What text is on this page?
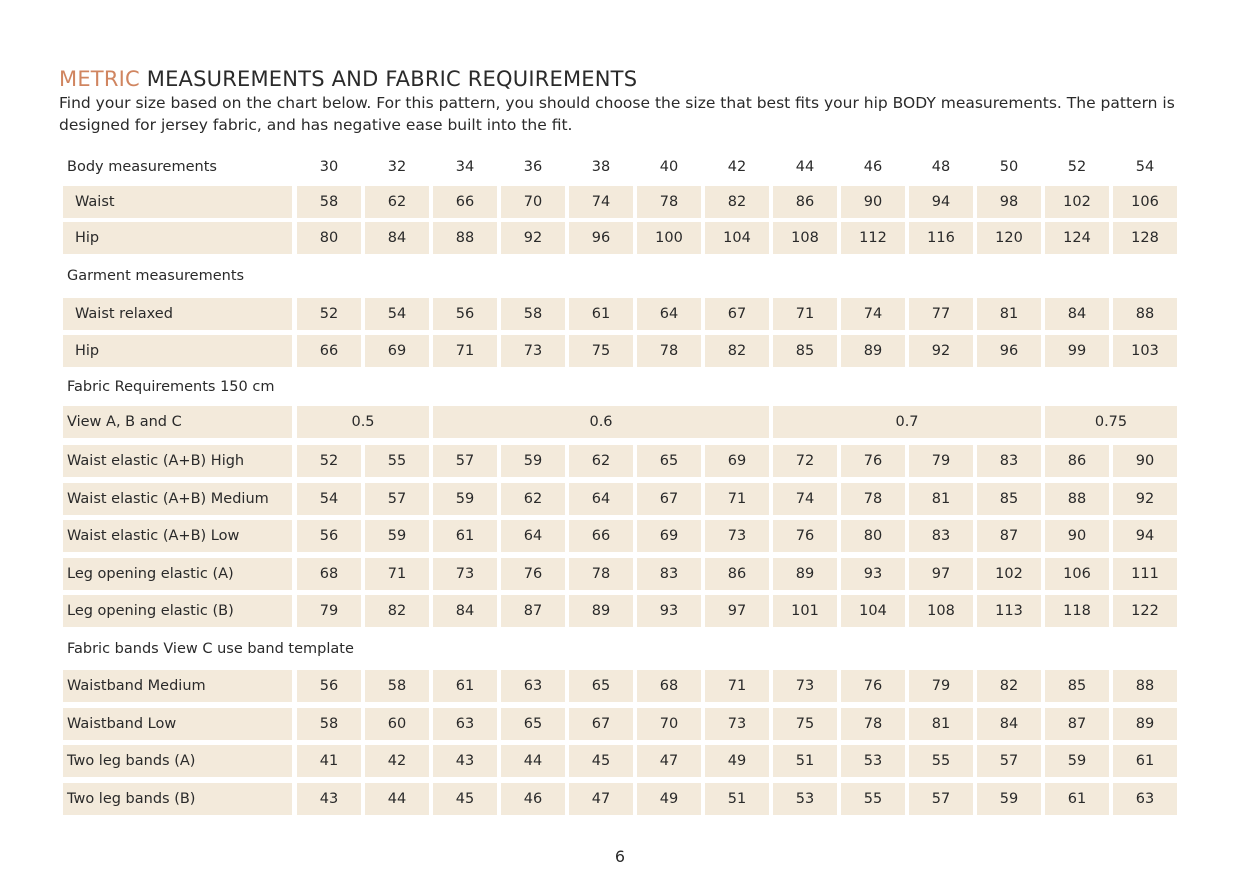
METRIC MEASUREMENTS AND FABRIC REQUIREMENTS
Find your size based on the chart below. For this pattern, you should choose the size that best fits your hip BODY measurements. The pattern is designed for jersey fabric, and has negative ease built into the fit.
Body measurements	30	32	34	36	38	40	42	44	46	48	50	52	54
Waist	58	62	66	70	74	78	82	86	90	94	98	102	106
Hip	80	84	88	92	96	100	104	108	112	116	120	124	128
Garment measurements
Waist relaxed	52	54	56	58	61	64	67	71	74	77	81	84	88
Hip	66	69	71	73	75	78	82	85	89	92	96	99	103
Fabric Requirements 150 cm
View A, B and C	0.5	0.6	0.7	0.75
Waist elastic (A+B) High	52	55	57	59	62	65	69	72	76	79	83	86	90
Waist elastic (A+B) Medium	54	57	59	62	64	67	71	74	78	81	85	88	92
Waist elastic (A+B) Low	56	59	61	64	66	69	73	76	80	83	87	90	94
Leg opening elastic (A)	68	71	73	76	78	83	86	89	93	97	102	106	111
Leg opening elastic (B)	79	82	84	87	89	93	97	101	104	108	113	118	122
Fabric bands View C use band template
Waistband Medium	56	58	61	63	65	68	71	73	76	79	82	85	88
Waistband Low	58	60	63	65	67	70	73	75	78	81	84	87	89
Two leg bands (A)	41	42	43	44	45	47	49	51	53	55	57	59	61
Two leg bands (B)	43	44	45	46	47	49	51	53	55	57	59	61	63
6
